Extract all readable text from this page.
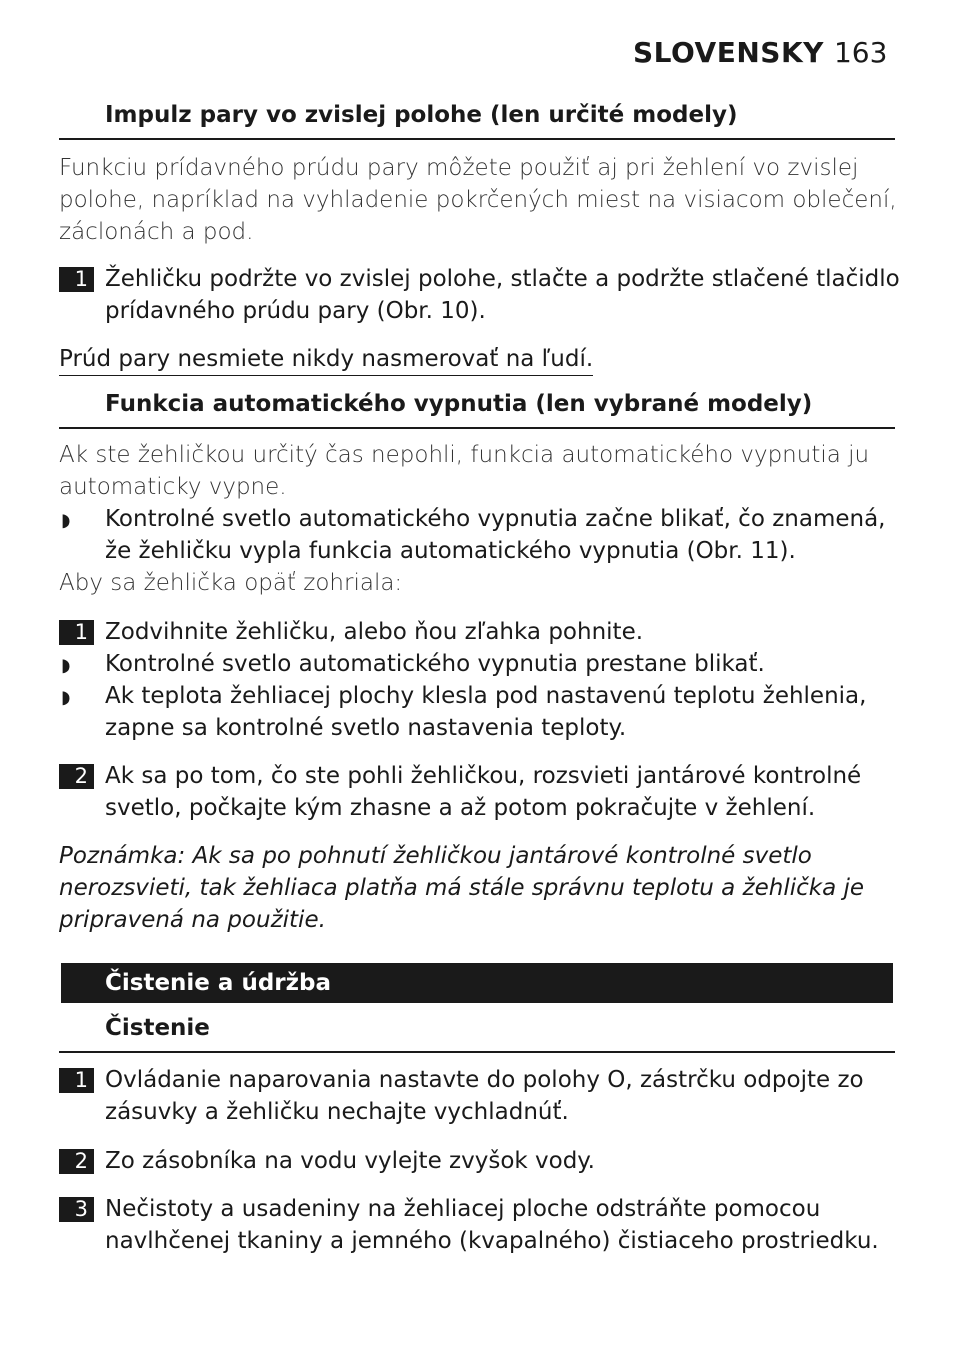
SLOVENSKY 163
Impulz pary vo zvislej polohe (len určité modely)
Funkciu prídavného prúdu pary môžete použiť aj pri žehlení vo zvislej polohe, napríklad na vyhladenie pokrčených miest na visiacom oblečení, záclonách a pod.
1 Žehličku podržte vo zvislej polohe, stlačte a podržte stlačené tlačidlo prídavného prúdu pary (Obr. 10).
Prúd pary nesmiete nikdy nasmerovať na ľudí.
Funkcia automatického vypnutia (len vybrané modely)
Ak ste žehličkou určitý čas nepohli, funkcia automatického vypnutia ju automaticky vypne.
◗ Kontrolné svetlo automatického vypnutia začne blikať, čo znamená, že žehličku vypla funkcia automatického vypnutia (Obr. 11).
Aby sa žehlička opäť zohriala:
1 Zodvihnite žehličku, alebo ňou zľahka pohnite.
◗ Kontrolné svetlo automatického vypnutia prestane blikať.
◗ Ak teplota žehliacej plochy klesla pod nastavenú teplotu žehlenia, zapne sa kontrolné svetlo nastavenia teploty.
2 Ak sa po tom, čo ste pohli žehličkou, rozsvieti jantárové kontrolné svetlo, počkajte kým zhasne a až potom pokračujte v žehlení.
Poznámka: Ak sa po pohnutí žehličkou jantárové kontrolné svetlo nerozsvieti, tak žehliaca platňa má stále správnu teplotu a žehlička je pripravená na použitie.
Čistenie a údržba
Čistenie
1 Ovládanie naparovania nastavte do polohy O, zástrčku odpojte zo zásuvky a žehličku nechajte vychladnúť.
2 Zo zásobníka na vodu vylejte zvyšok vody.
3 Nečistoty a usadeniny na žehliacej ploche odstráňte pomocou navlhčenej tkaniny a jemného (kvapalného) čistiaceho prostriedku.
